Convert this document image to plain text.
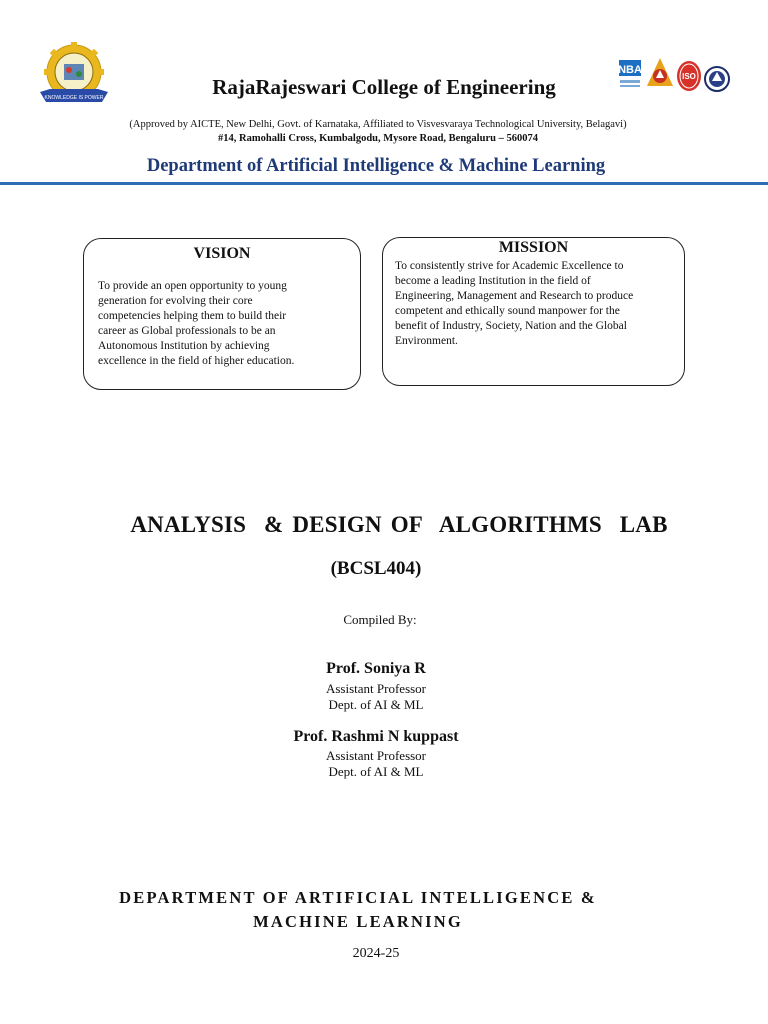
KNOWLEDGE IS POWER
NBA
ISO
RajaRajeswari College of Engineering
(Approved by AICTE, New Delhi, Govt. of Karnataka, Affiliated to Visvesvaraya Technological University, Belagavi)
#14, Ramohalli Cross, Kumbalgodu, Mysore Road, Bengaluru – 560074
Department of Artificial Intelligence & Machine Learning
VISION
To provide an open opportunity to young
generation for evolving their core
competencies helping them to build their
career as Global professionals to be an
Autonomous Institution by achieving
excellence in the field of higher education.
MISSION
To consistently strive for Academic Excellence to
become a leading Institution in the field of
Engineering, Management and Research to produce
competent and ethically sound manpower for the
benefit of Industry, Society, Nation and the Global
Environment.
ANALYSIS  & DESIGN OF  ALGORITHMS  LAB
(BCSL404)
Compiled By:
Prof. Soniya R
Assistant Professor
Dept. of AI & ML
Prof. Rashmi N kuppast
Assistant Professor
Dept. of AI & ML
DEPARTMENT OF ARTIFICIAL INTELLIGENCE &
MACHINE LEARNING
2024-25
